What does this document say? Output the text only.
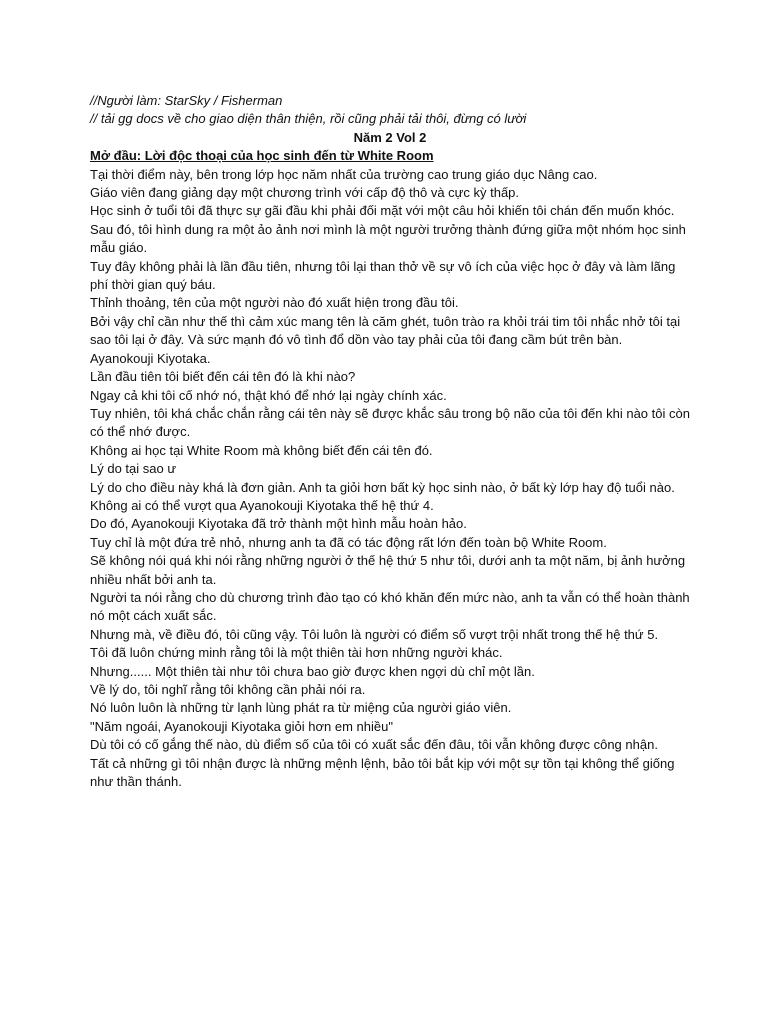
//Người làm: StarSky / Fisherman
// tải gg docs về cho giao diện thân thiện, rồi cũng phải tải thôi, đừng có lười
Năm 2 Vol 2
Mở đầu: Lời độc thoại của học sinh đến từ White Room

Tại thời điểm này, bên trong lớp học năm nhất của trường cao trung giáo dục Nâng cao.

Giáo viên đang giảng dạy một chương trình với cấp độ thô và cực kỳ thấp.

Học sinh ở tuổi tôi đã thực sự gãi đầu khi phải đối mặt với một câu hỏi khiến tôi chán đến muốn khóc.

Sau đó, tôi hình dung ra một ảo ảnh nơi mình là một người trưởng thành đứng giữa một nhóm học sinh mẫu giáo.

Tuy đây không phải là lần đầu tiên, nhưng tôi lại than thở về sự vô ích của việc học ở đây và làm lãng phí thời gian quý báu.

Thỉnh thoảng, tên của một người nào đó xuất hiện trong đầu tôi.

Bởi vậy chỉ cần như thế thì cảm xúc mang tên là căm ghét, tuôn trào ra khỏi trái tim tôi nhắc nhở tôi tại sao tôi lại ở đây. Và sức mạnh đó vô tình đổ dồn vào tay phải của tôi đang cầm bút trên bàn.

Ayanokouji Kiyotaka.

Lần đầu tiên tôi biết đến cái tên đó là khi nào?

Ngay cả khi tôi cố nhớ nó, thật khó để nhớ lại ngày chính xác.

Tuy nhiên, tôi khá chắc chắn rằng cái tên này sẽ được khắc sâu trong bộ não của tôi đến khi nào tôi còn có thể nhớ được.

Không ai học tại White Room mà không biết đến cái tên đó.

Lý do tại sao ư

Lý do cho điều này khá là đơn giản. Anh ta giỏi hơn bất kỳ học sinh nào, ở bất kỳ lớp hay độ tuổi nào.

Không ai có thể vượt qua Ayanokouji Kiyotaka thế hệ thứ 4.

Do đó, Ayanokouji Kiyotaka đã trở thành một hình mẫu hoàn hảo.

Tuy chỉ là một đứa trẻ nhỏ, nhưng anh ta đã có tác động rất lớn đến toàn bộ White Room.

Sẽ không nói quá khi nói rằng những người ở thế hệ thứ 5 như tôi, dưới anh ta một năm, bị ảnh hưởng nhiều nhất bởi anh ta.

Người ta nói rằng cho dù chương trình đào tạo có khó khăn đến mức nào, anh ta vẫn có thể hoàn thành nó một cách xuất sắc.

Nhưng mà, về điều đó, tôi cũng vậy. Tôi luôn là người có điểm số vượt trội nhất trong thế hệ thứ 5.

Tôi đã luôn chứng minh rằng tôi là một thiên tài hơn những người khác.

Nhưng...... Một thiên tài như tôi chưa bao giờ được khen ngợi dù chỉ một lần.

Về lý do, tôi nghĩ rằng tôi không cần phải nói ra.

Nó luôn luôn là những từ lạnh lùng phát ra từ miệng của người giáo viên.

"Năm ngoái, Ayanokouji Kiyotaka giỏi hơn em nhiều"

Dù tôi có cố gắng thế nào, dù điểm số của tôi có xuất sắc đến đâu, tôi vẫn không được công nhận.

Tất cả những gì tôi nhận được là những mệnh lệnh, bảo tôi bắt kịp với một sự tồn tại không thể giống như thần thánh.
